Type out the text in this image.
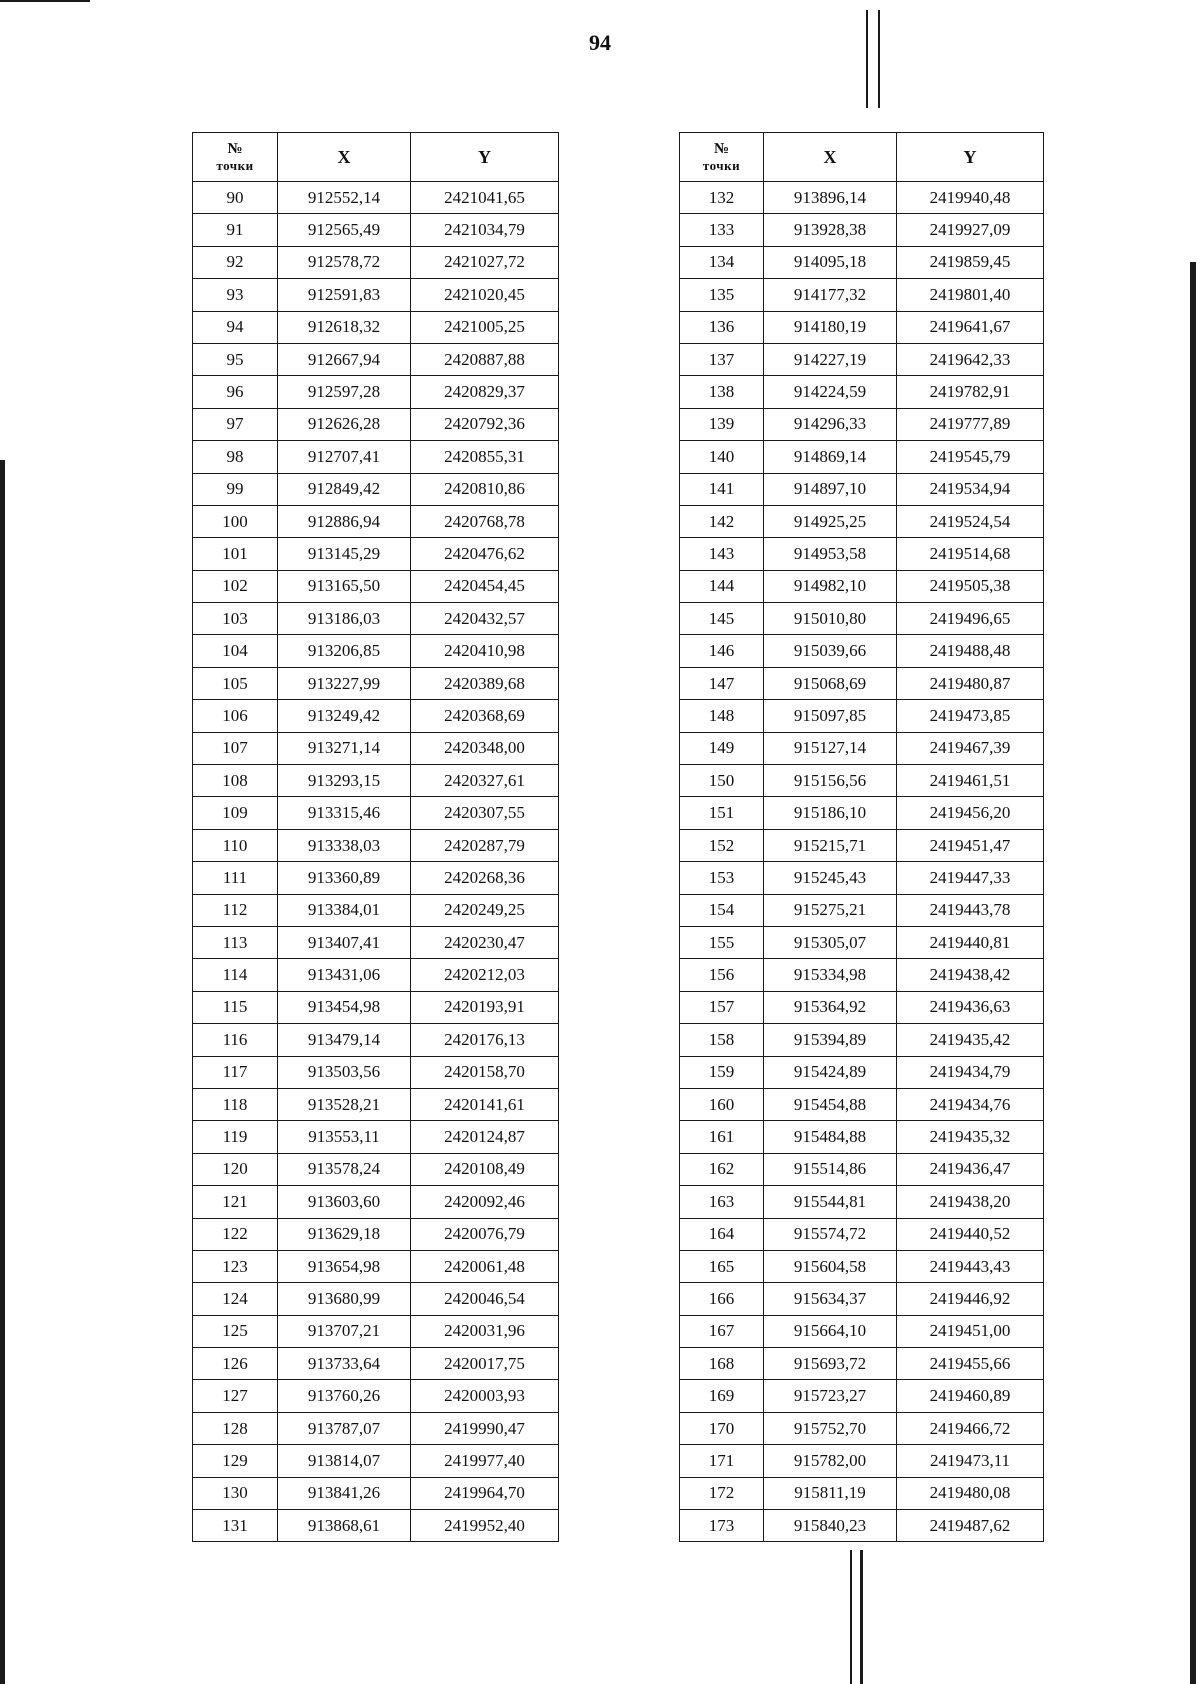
94
№
точки	X	Y
90	912552,14	2421041,65
91	912565,49	2421034,79
92	912578,72	2421027,72
93	912591,83	2421020,45
94	912618,32	2421005,25
95	912667,94	2420887,88
96	912597,28	2420829,37
97	912626,28	2420792,36
98	912707,41	2420855,31
99	912849,42	2420810,86
100	912886,94	2420768,78
101	913145,29	2420476,62
102	913165,50	2420454,45
103	913186,03	2420432,57
104	913206,85	2420410,98
105	913227,99	2420389,68
106	913249,42	2420368,69
107	913271,14	2420348,00
108	913293,15	2420327,61
109	913315,46	2420307,55
110	913338,03	2420287,79
111	913360,89	2420268,36
112	913384,01	2420249,25
113	913407,41	2420230,47
114	913431,06	2420212,03
115	913454,98	2420193,91
116	913479,14	2420176,13
117	913503,56	2420158,70
118	913528,21	2420141,61
119	913553,11	2420124,87
120	913578,24	2420108,49
121	913603,60	2420092,46
122	913629,18	2420076,79
123	913654,98	2420061,48
124	913680,99	2420046,54
125	913707,21	2420031,96
126	913733,64	2420017,75
127	913760,26	2420003,93
128	913787,07	2419990,47
129	913814,07	2419977,40
130	913841,26	2419964,70
131	913868,61	2419952,40
№
точки	X	Y
132	913896,14	2419940,48
133	913928,38	2419927,09
134	914095,18	2419859,45
135	914177,32	2419801,40
136	914180,19	2419641,67
137	914227,19	2419642,33
138	914224,59	2419782,91
139	914296,33	2419777,89
140	914869,14	2419545,79
141	914897,10	2419534,94
142	914925,25	2419524,54
143	914953,58	2419514,68
144	914982,10	2419505,38
145	915010,80	2419496,65
146	915039,66	2419488,48
147	915068,69	2419480,87
148	915097,85	2419473,85
149	915127,14	2419467,39
150	915156,56	2419461,51
151	915186,10	2419456,20
152	915215,71	2419451,47
153	915245,43	2419447,33
154	915275,21	2419443,78
155	915305,07	2419440,81
156	915334,98	2419438,42
157	915364,92	2419436,63
158	915394,89	2419435,42
159	915424,89	2419434,79
160	915454,88	2419434,76
161	915484,88	2419435,32
162	915514,86	2419436,47
163	915544,81	2419438,20
164	915574,72	2419440,52
165	915604,58	2419443,43
166	915634,37	2419446,92
167	915664,10	2419451,00
168	915693,72	2419455,66
169	915723,27	2419460,89
170	915752,70	2419466,72
171	915782,00	2419473,11
172	915811,19	2419480,08
173	915840,23	2419487,62
